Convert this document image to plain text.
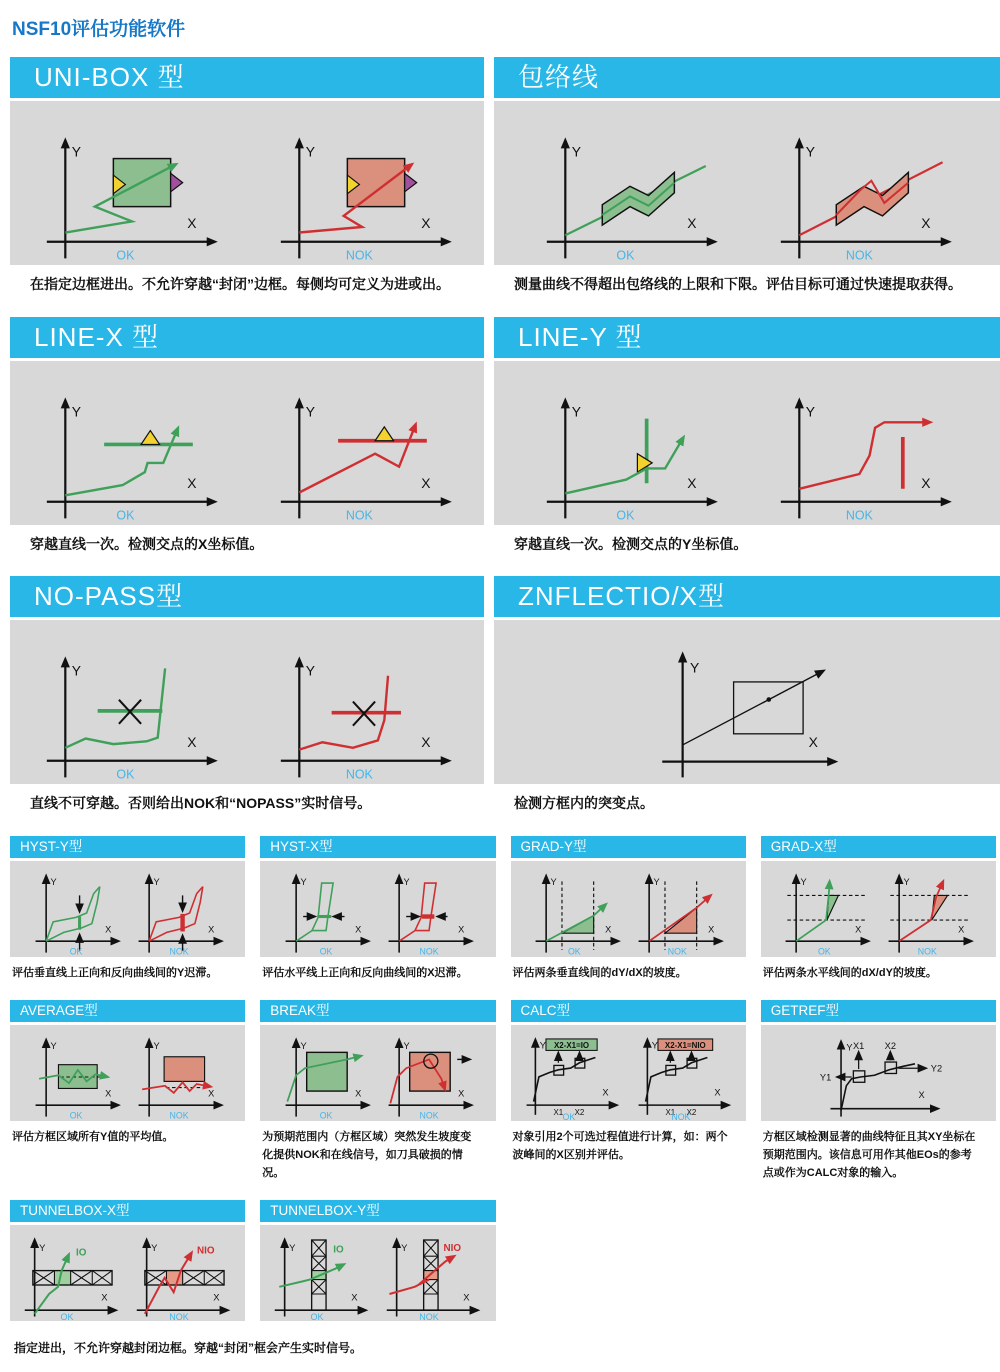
NSF10评估功能软件
UNI-BOX 型
Y
X
OK
Y
X
NOK

在指定边框进出。不允许穿越“封闭”边框。每侧均可定义为进或出。

包络线
Y
X
OK
Y
X
NOK

测量曲线不得超出包络线的上限和下限。评估目标可通过快速提取获得。

LINE-X 型
Y
X
OK
Y
X
NOK

穿越直线一次。检测交点的X坐标值。

LINE-Y 型
Y
X
OK
Y
X
NOK

穿越直线一次。检测交点的Y坐标值。

NO-PASS型
Y
X
OK
Y
X
NOK

直线不可穿越。否则给出NOK和“NOPASS”实时信号。

ZNFLECTIO/X型
Y
X

检测方框内的突变点。

HYST-Y型
Y
X
OK
Y
X
NOK

评估垂直线上正向和反向曲线间的Y迟滞。

HYST-X型
Y
X
OK
Y
X
NOK

评估水平线上正向和反向曲线间的X迟滞。

GRAD-Y型
Y
X
OK
Y
X
NOK

评估两条垂直线间的dY/dX的坡度。

GRAD-X型
Y
X
OK
Y
X
NOK

评估两条水平线间的dX/dY的坡度。

AVERAGE型
Y
X
OK
Y
X
NOK

评估方框区域所有Y值的平均值。

BREAK型
Y
X
OK
Y
X
NOK

为预期范围内（方框区域）突然发生坡度变化提供NOK和在线信号，如刀具破损的情况。

CALC型
Y
X
X2-X1=IO
X1 X2
OK
Y
X
X2-X1=NIO
X1 X2
NOK

对象引用2个可选过程值进行计算，如：两个波峰间的X区别并评估。

GETREF型
Y
X
X1 X2
Y1
Y2

方框区域检测显著的曲线特征且其XY坐标在预期范围内。该信息可用作其他EOs的参考点或作为CALC对象的输入。

TUNNELBOX-X型
Y
X
IO
OK
Y
X
NIO
NOK
TUNNELBOX-Y型
Y
X
IO
OK
Y
X
NIO
NOK

指定进出，不允许穿越封闭边框。穿越“封闭”框会产生实时信号。
